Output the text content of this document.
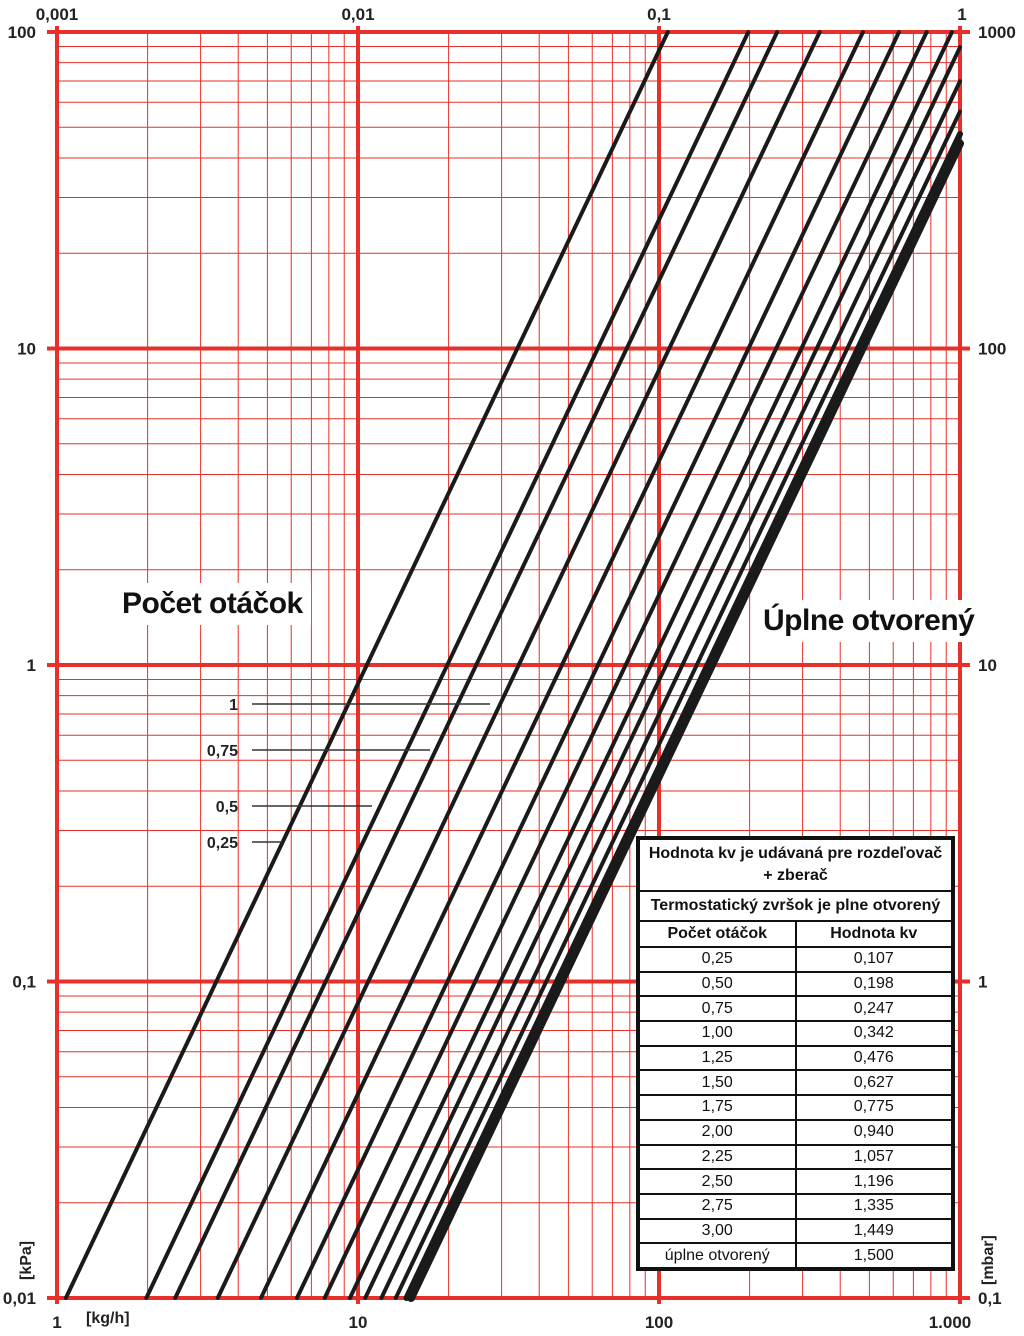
1
0,75
0,5
0,25
1	10	100	1.000
0,001	0,01	0,1	1
0,01
0,1
1
10
100
0,1
1
10
100
1000
[kg/h]
[kPa]	[mbar]
Počet otáčok
Úplne otvorený
Hodnota kv je udávaná pre rozdeľovač + zberač	
Termostatický zvršok je plne otvorený	
Počet otáčok	Hodnota kv
0,25	0,107
0,50	0,198
0,75	0,247
1,00	0,342
1,25	0,476
1,50	0,627
1,75	0,775
2,00	0,940
2,25	1,057
2,50	1,196
2,75	1,335
3,00	1,449
úplne otvorený	1,500
